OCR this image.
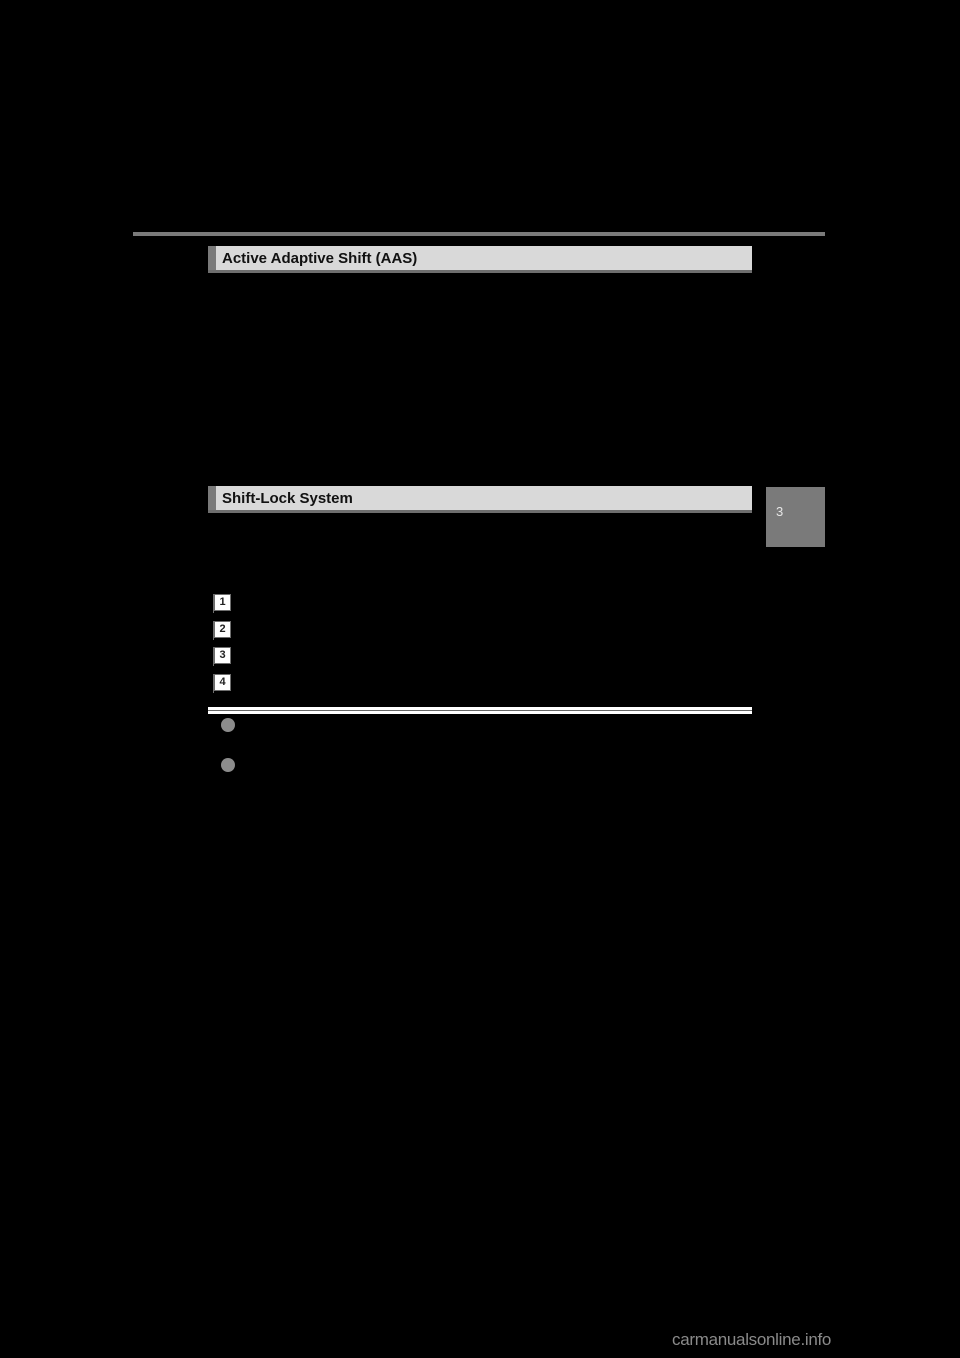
Active Adaptive Shift (AAS)
Shift-Lock System
3
1
2
3
4
carmanualsonline.info
